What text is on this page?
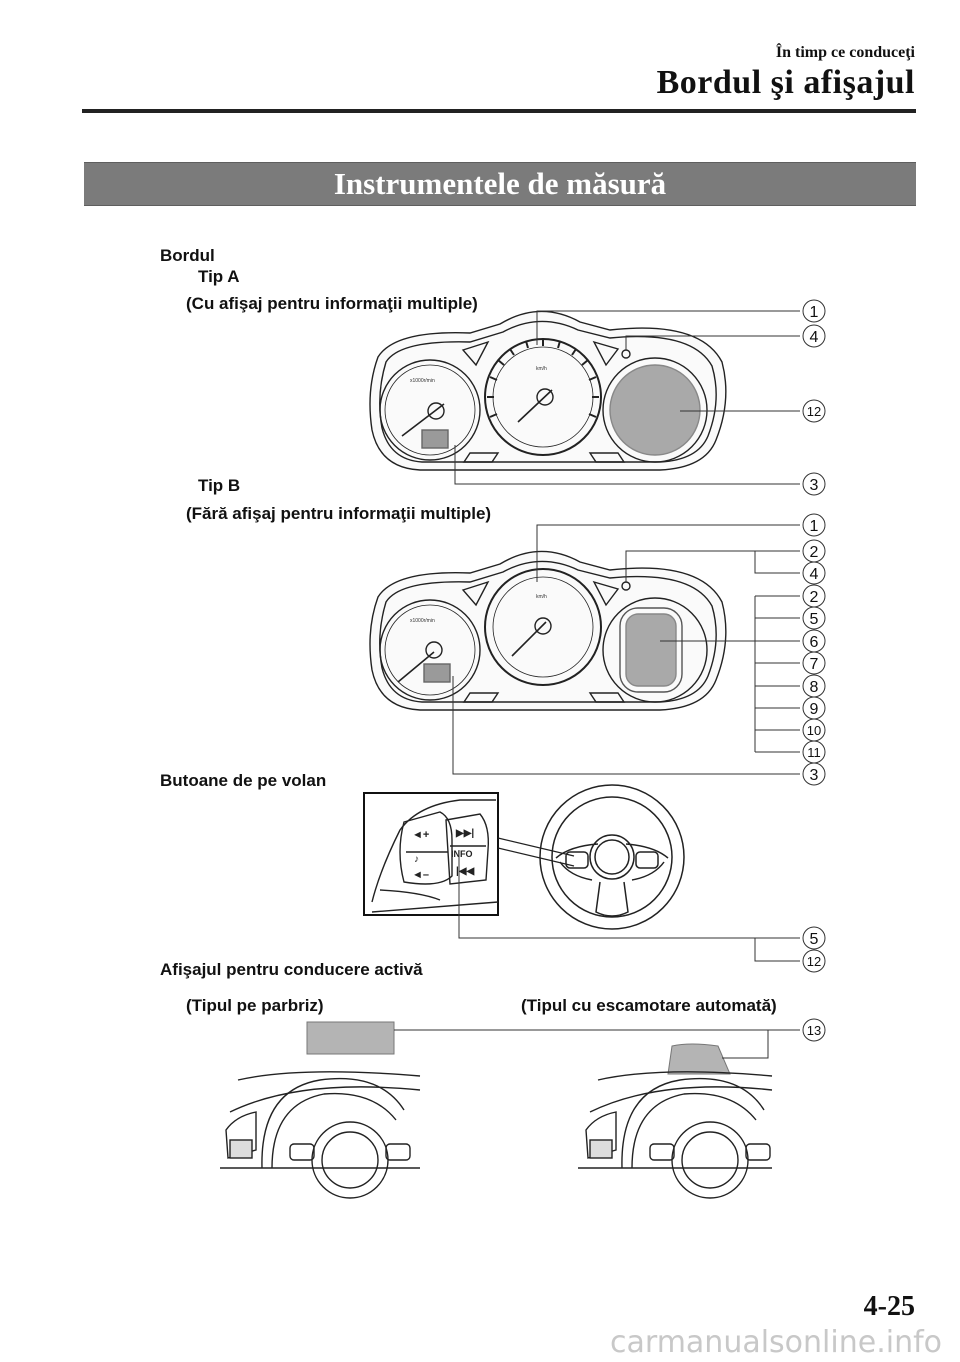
În timp ce conduceţi
Bordul şi afişajul
Instrumentele de măsură
Bordul
Tip A
(Cu afişaj pentru informaţii multiple)
Tip B
(Fără afişaj pentru informaţii multiple)
Butoane de pe volan
Afişajul pentru conducere activă
(Tipul pe parbriz)	(Tipul cu escamotare automată)
x1000r/min
km/h
x1000r/min
km/h
◄+
♪
◄–
▶▶|
INFO
|◀◀
1
4
12
3
1
2
4
2
5
6
7
8
9
10
11
3
5
12
13
4-25
carmanualsonline.info
